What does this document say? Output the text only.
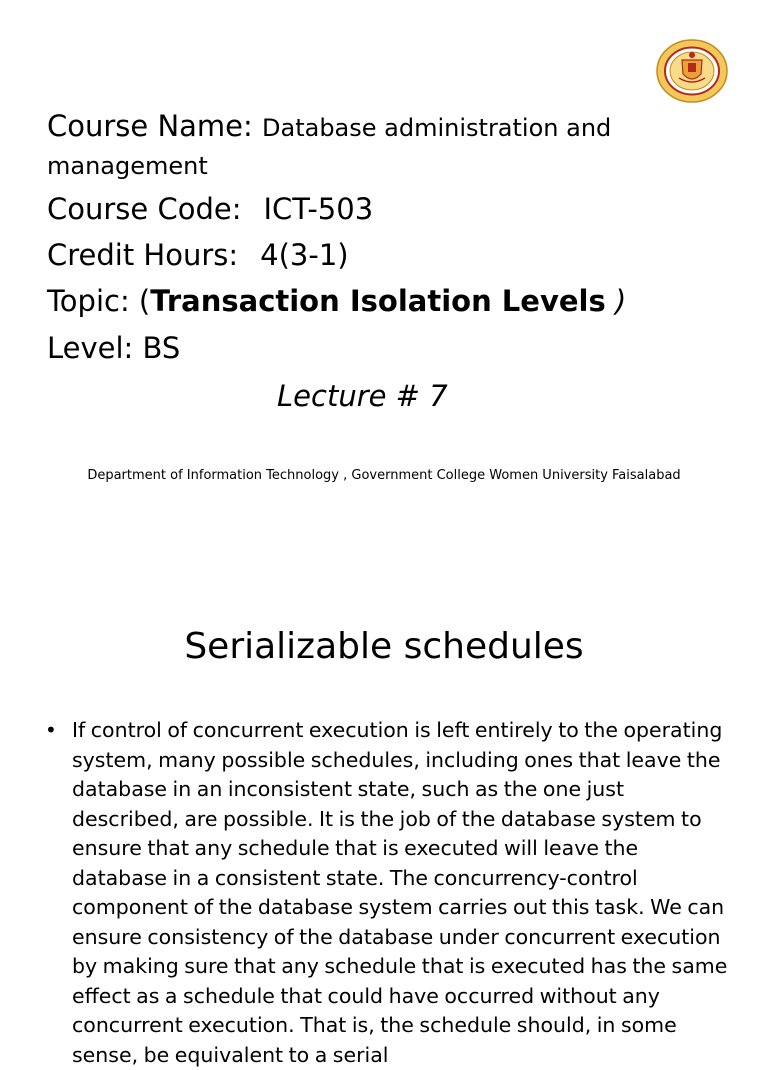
Course Name: Database administration and
management
Course Code: ICT-503
Credit Hours: 4(3-1)
Topic: (Transaction Isolation Levels )
Level: BS
Lecture # 7
Department of Information Technology , Government College Women University Faisalabad
Serializable schedules
• If control of concurrent execution is left entirely to the operating system, many possible schedules, including ones that leave the database in an inconsistent state, such as the one just described, are possible. It is the job of the database system to ensure that any schedule that is executed will leave the database in a consistent state. The concurrency-control component of the database system carries out this task. We can ensure consistency of the database under concurrent execution by making sure that any schedule that is executed has the same effect as a schedule that could have occurred without any concurrent execution. That is, the schedule should, in some sense, be equivalent to a serial
